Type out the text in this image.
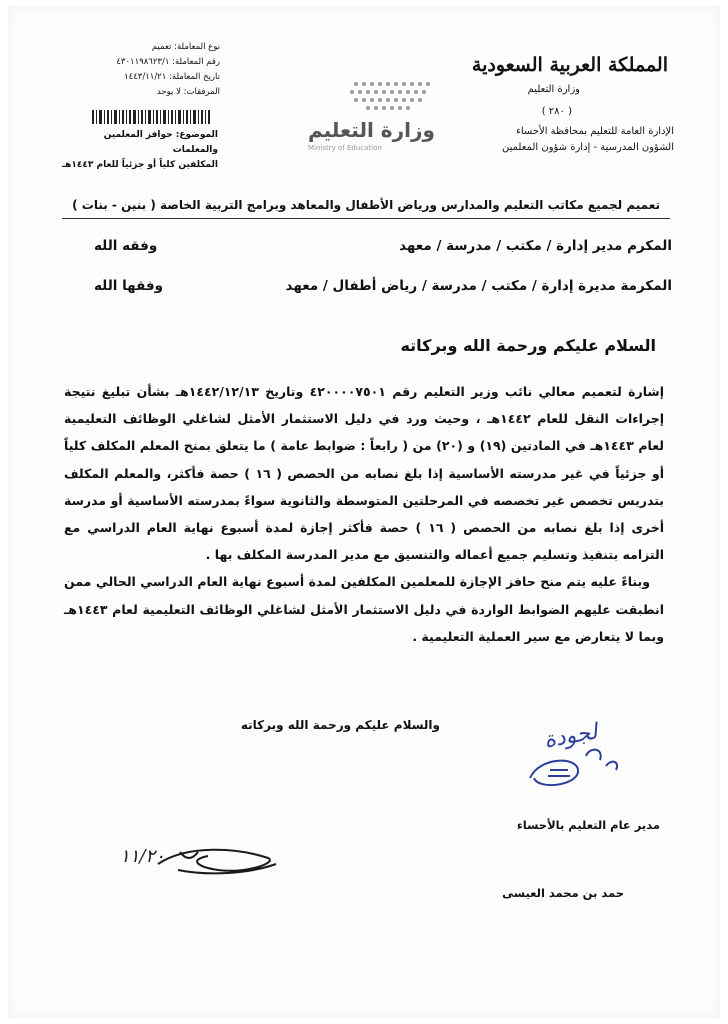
المملكة العربية السعودية
وزارة التعليم
( ٢٨٠ )
الإدارة العامة للتعليم بمحافظة الأحساء
الشؤون المدرسية - إدارة شؤون المعلمين
وزارة التعليم
Ministry of Education
نوع المعاملة: تعميم
رقم المعاملة: ٤٣٠١١٩٨٦٢٣/١
تاريخ المعاملة: ١٤٤٣/١١/٢١
المرفقات: لا يوجد
الموضوع: حوافز المعلمين والمعلمات
المكلفين كلياً أو جزئياً للعام ١٤٤٣هـ
تعميم لجميع مكاتب التعليم والمدارس ورياض الأطفال والمعاهد وبرامج التربية الخاصة ( بنين - بنات )
المكرم مدير إدارة / مكتب / مدرسة / معهد
وفقه الله
المكرمة مديرة إدارة / مكتب / مدرسة / رياض أطفال / معهد
وفقها الله
السلام عليكم ورحمة الله وبركاته

إشارة لتعميم معالي نائب وزير التعليم رقم ٤٢٠٠٠٠٧٥٠١ وتاريخ ١٤٤٢/١٢/١٣هـ بشأن تبليغ نتيجة إجراءات النقل للعام ١٤٤٢هـ ، وحيث ورد في دليل الاستثمار الأمثل لشاغلي الوظائف التعليمية لعام ١٤٤٣هـ في المادتين (١٩) و (٢٠) من ( رابعاً : ضوابط عامة ) ما يتعلق بمنح المعلم المكلف كلياً أو جزئياً في غير مدرسته الأساسية إذا بلغ نصابه من الحصص ( ١٦ ) حصة فأكثر، والمعلم المكلف بتدريس تخصص غير تخصصه في المرحلتين المتوسطة والثانوية سواءً بمدرسته الأساسية أو مدرسة أخرى إذا بلغ نصابه من الحصص ( ١٦ ) حصة فأكثر إجازة لمدة أسبوع نهاية العام الدراسي مع التزامه بتنفيذ وتسليم جميع أعماله والتنسيق مع مدير المدرسة المكلف بها .

وبناءً عليه يتم منح حافز الإجازة للمعلمين المكلفين لمدة أسبوع نهاية العام الدراسي الحالي ممن انطبقت عليهم الضوابط الواردة في دليل الاستثمار الأمثل لشاغلي الوظائف التعليمية لعام ١٤٤٣هـ وبما لا يتعارض مع سير العملية التعليمية .

والسلام عليكم ورحمة الله وبركاته	لجودة
مدير عام التعليم بالأحساء
١١/٢٠
حمد بن محمد العيسى
